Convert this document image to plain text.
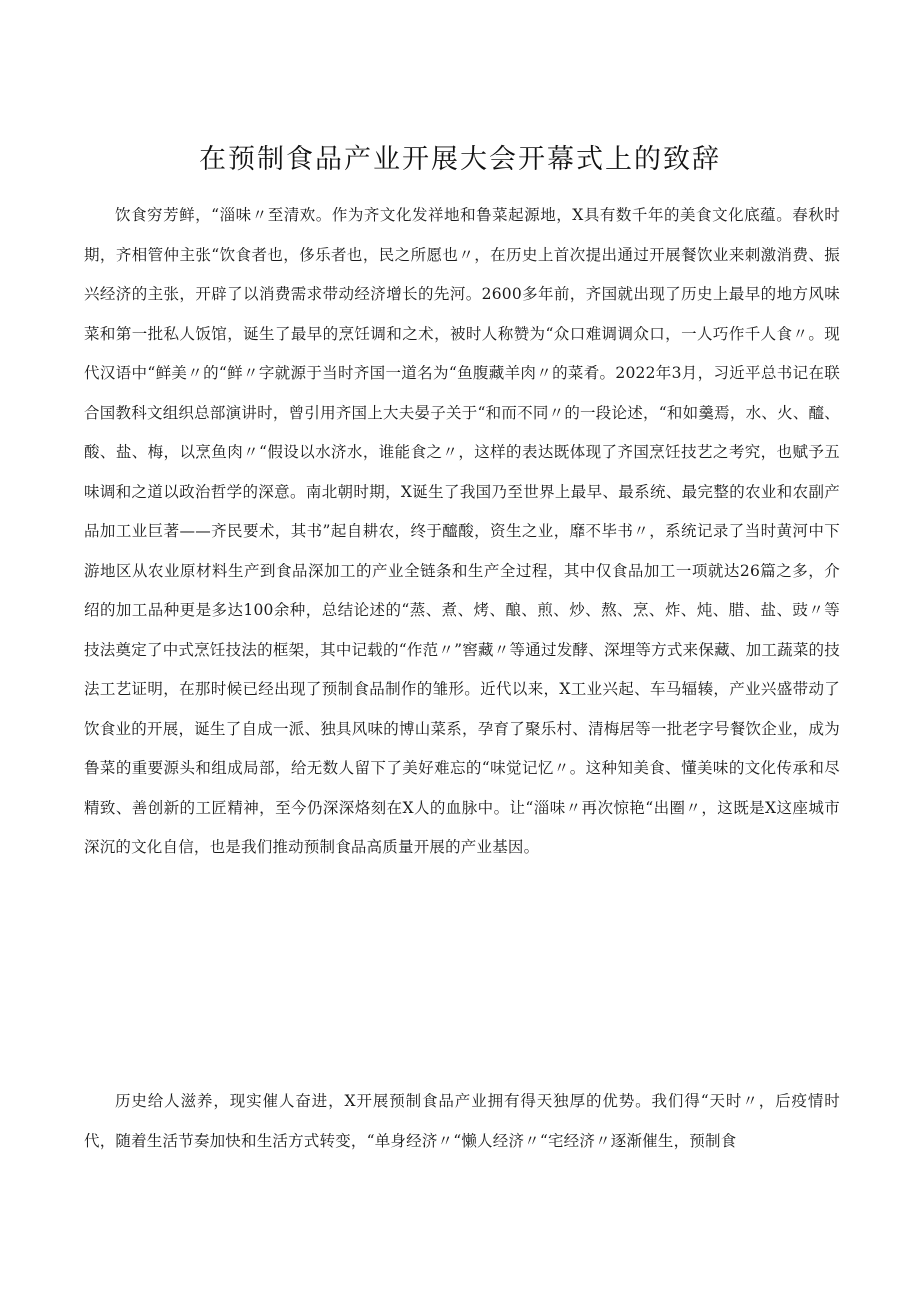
在预制食品产业开展大会开幕式上的致辞

饮食穷芳鲜，“淄味〃至清欢。作为齐文化发祥地和鲁菜起源地，X具有数千年的美食文化底蕴。春秋时期，齐相管仲主张“饮食者也，侈乐者也，民之所愿也〃，在历史上首次提出通过开展餐饮业来刺激消费、振兴经济的主张，开辟了以消费需求带动经济增长的先河。2600多年前，齐国就出现了历史上最早的地方风味菜和第一批私人饭馆，诞生了最早的烹饪调和之术，被时人称赞为“众口难调调众口，一人巧作千人食〃。现代汉语中“鲜美〃的“鲜〃字就源于当时齐国一道名为“鱼腹藏羊肉〃的菜肴。2022年3月，习近平总书记在联合国教科文组织总部演讲时，曾引用齐国上大夫晏子关于“和而不同〃的一段论述，“和如羹焉，水、火、醯、酸、盐、梅，以烹鱼肉〃“假设以水济水，谁能食之〃，这样的表达既体现了齐国烹饪技艺之考究，也赋予五味调和之道以政治哲学的深意。南北朝时期，X诞生了我国乃至世界上最早、最系统、最完整的农业和农副产品加工业巨著——齐民要术，其书”起自耕农，终于醯酸，资生之业，靡不毕书〃，系统记录了当时黄河中下游地区从农业原材料生产到食品深加工的产业全链条和生产全过程，其中仅食品加工一项就达26篇之多，介绍的加工品种更是多达100余种，总结论述的“蒸、煮、烤、酿、煎、炒、熬、烹、炸、炖、腊、盐、豉〃等技法奠定了中式烹饪技法的框架，其中记载的“作范〃”窖藏〃等通过发酵、深埋等方式来保藏、加工蔬菜的技法工艺证明，在那时候已经出现了预制食品制作的雏形。近代以来，X工业兴起、车马辐辏，产业兴盛带动了饮食业的开展，诞生了自成一派、独具风味的博山菜系，孕育了聚乐村、清梅居等一批老字号餐饮企业，成为鲁菜的重要源头和组成局部，给无数人留下了美好难忘的“味觉记忆〃。这种知美食、懂美味的文化传承和尽精致、善创新的工匠精神，至今仍深深烙刻在X人的血脉中。让“淄味〃再次惊艳“出圈〃，这既是X这座城市深沉的文化自信，也是我们推动预制食品高质量开展的产业基因。

历史给人滋养，现实催人奋进，X开展预制食品产业拥有得天独厚的优势。我们得“天时〃，后疫情时代，随着生活节奏加快和生活方式转变，“单身经济〃“懒人经济〃“宅经济〃逐渐催生，预制食
